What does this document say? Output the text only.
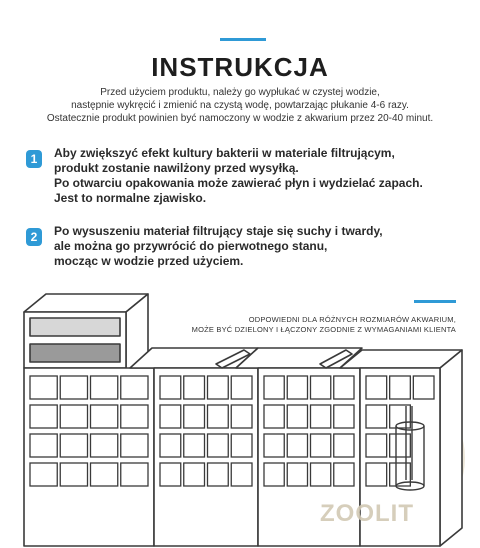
INSTRUKCJA
Przed użyciem produktu, należy go wypłukać w czystej wodzie,
następnie wykręcić i zmienić na czystą wodę, powtarzając płukanie 4-6 razy.
Ostatecznie produkt powinien być namoczony w wodzie z akwarium przez 20-40 minut.
1	Aby zwiększyć efekt kultury bakterii w materiale filtrującym,
produkt zostanie nawilżony przed wysyłką.
Po otwarciu opakowania może zawierać płyn i wydzielać zapach.
Jest to normalne zjawisko.
2	Po wysuszeniu materiał filtrujący staje się suchy i twardy,
ale można go przywrócić do pierwotnego stanu,
mocząc w wodzie przed użyciem.
ODPOWIEDNI DLA RÓŻNYCH ROZMIARÓW AKWARIUM,
MOŻE BYĆ DZIELONY I ŁĄCZONY ZGODNIE Z WYMAGANIAMI KLIENTA
ZOOLIT
